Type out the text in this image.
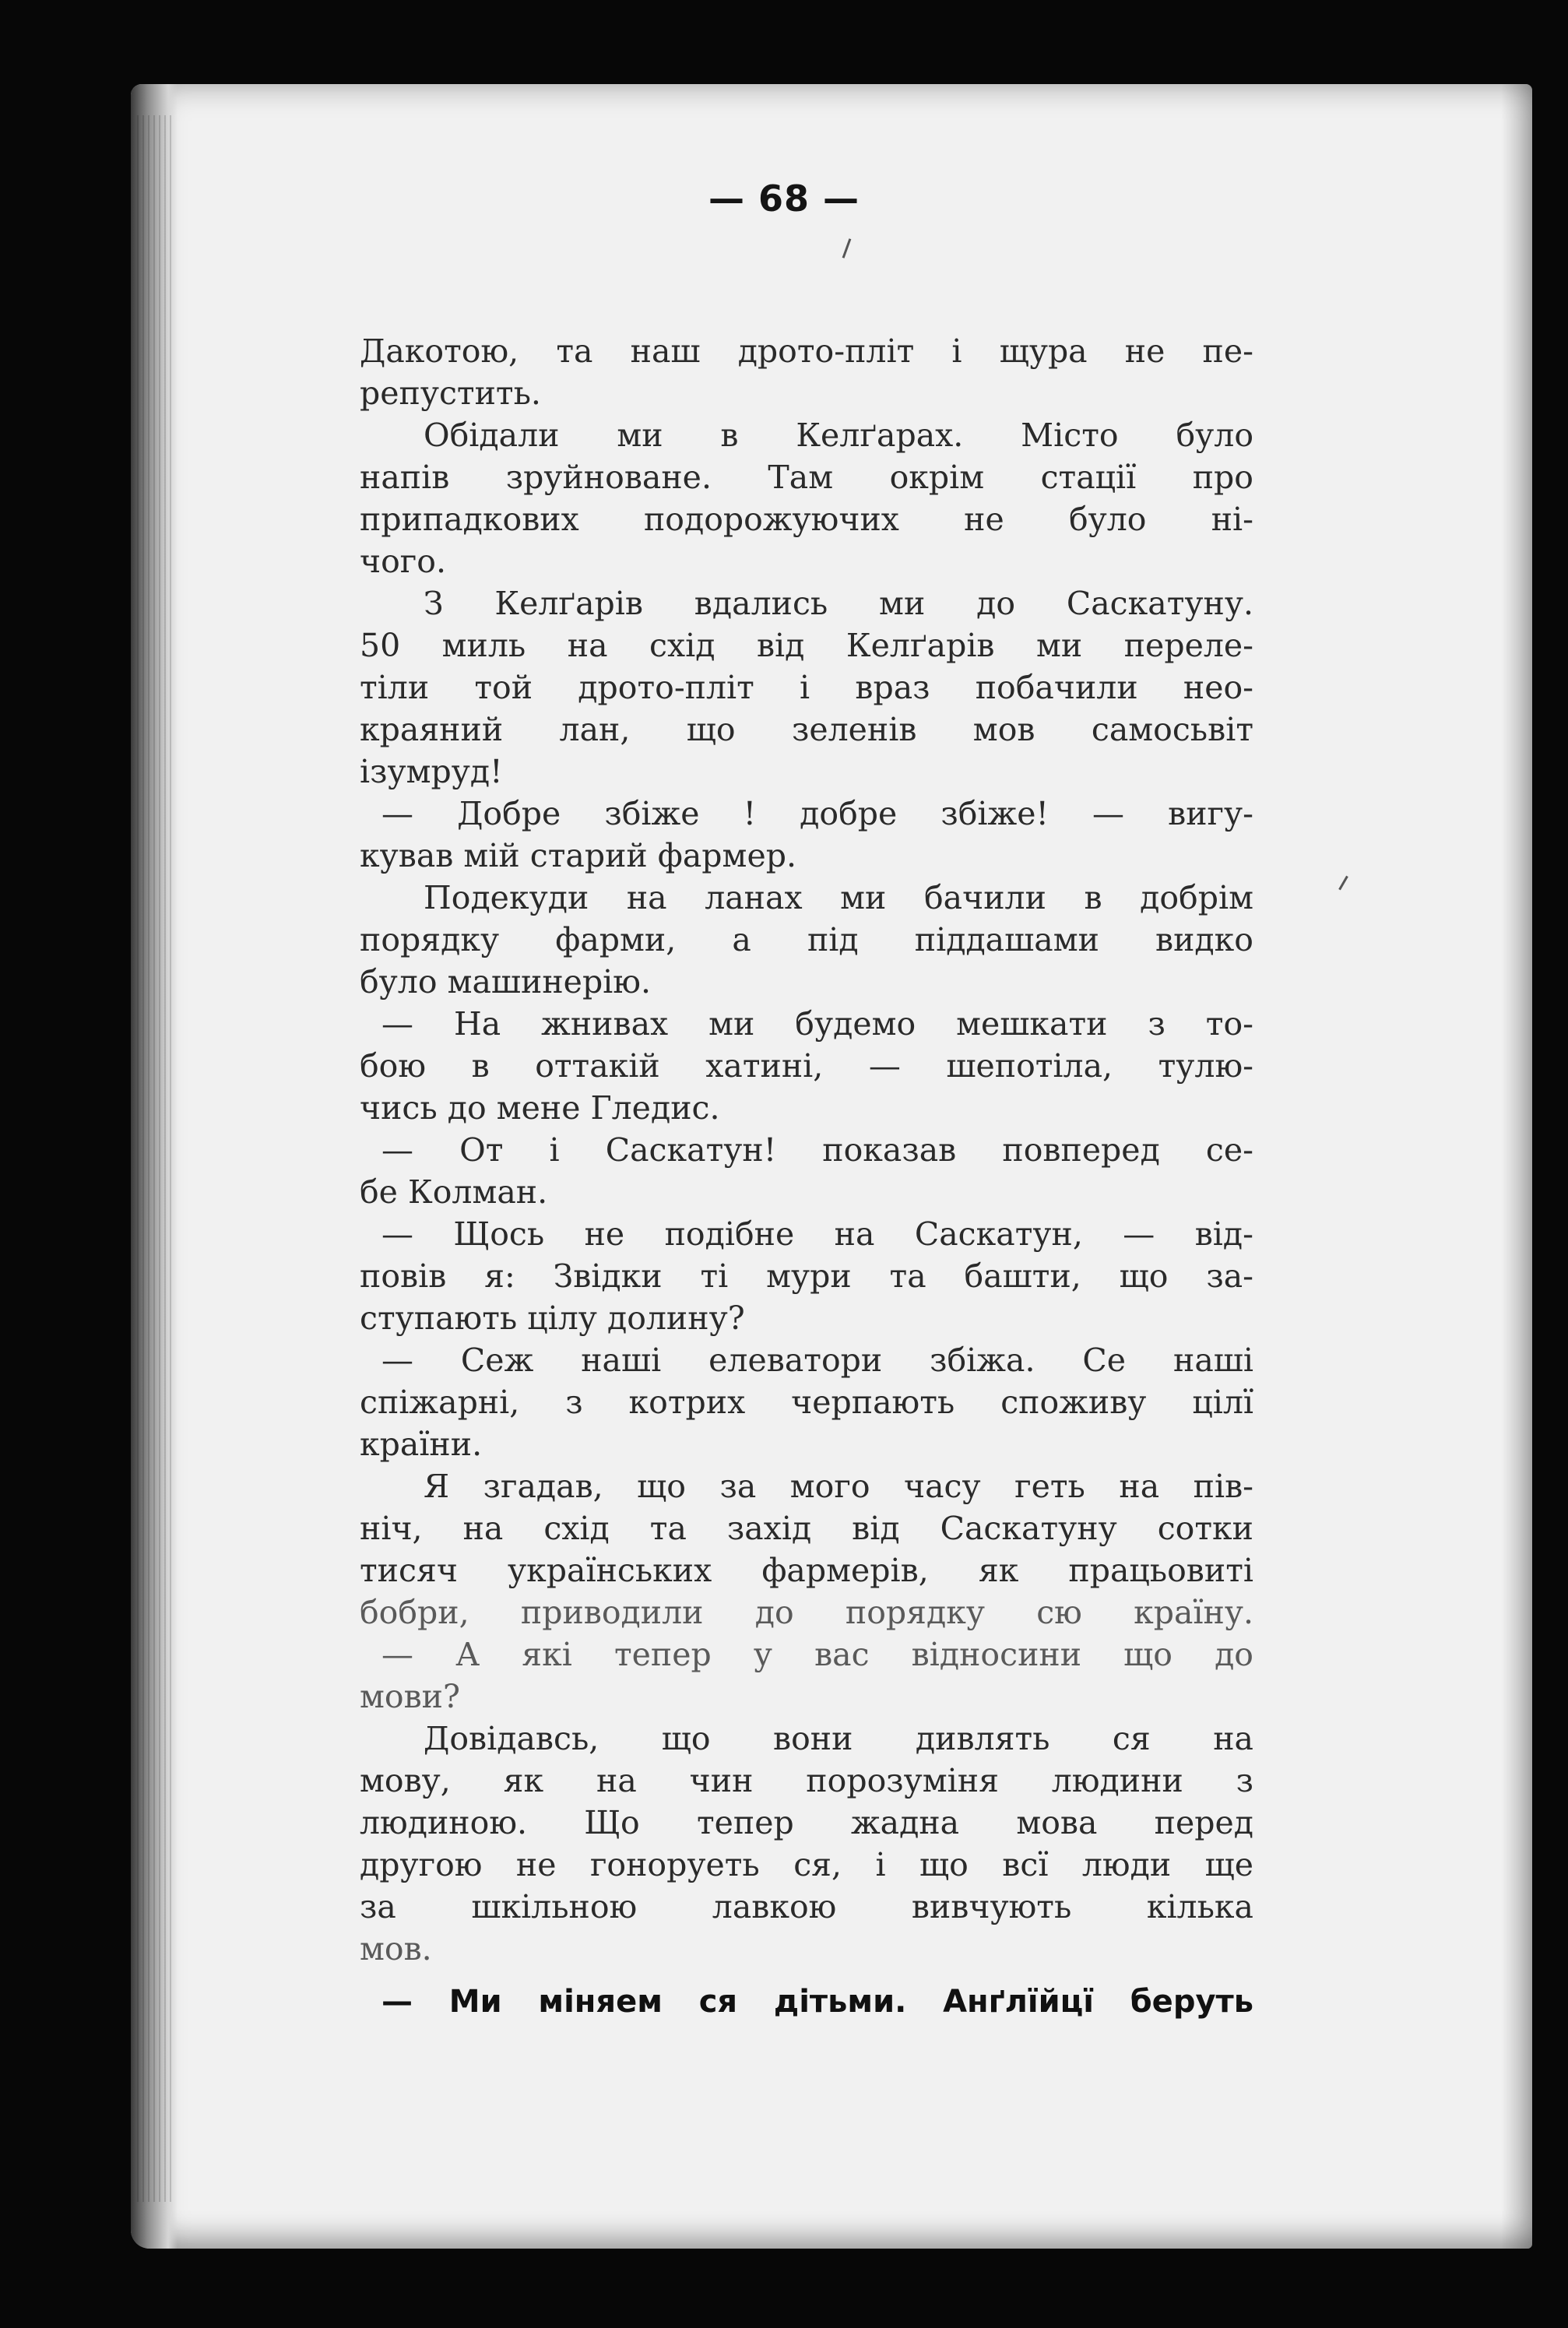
— 68 —
Дакотою, та наш дрото-пліт і щура не пе-
репустить.
Обідали ми в Келґарах. Місто було
напів зруйноване. Там окрім стації про
припадкових подорожуючих не було ні-
чого.
З Келґарів вдались ми до Саскатуну.
50 миль на схід від Келґарів ми переле-
тіли той дрото-пліт і враз побачили нео-
краяний лан, що зеленів мов самосьвіт
ізумруд!
— Добре збіже ! добре збіже! — вигу-
кував мій старий фармер.
Подекуди на ланах ми бачили в добрім
порядку фарми, а під піддашами видко
було машинерію.
— На жнивах ми будемо мешкати з то-
бою в оттакій хатині, — шепотіла, тулю-
чись до мене Гледис.
— От і Саскатун! показав повперед се-
бе Колман.
— Щось не подібне на Саскатун, — від-
повів я: Звідки ті мури та башти, що за-
ступають цілу долину?
— Сеж наші елеватори збіжа. Се наші
спіжарні, з котрих черпають споживу цілї
країни.
Я згадав, що за мого часу геть на пів-
ніч, на схід та захід від Саскатуну сотки
тисяч українських фармерів, як працьовиті
бобри, приводили до порядку сю країну.
— А які тепер у вас відносини що до
мови?
Довідавсь, що вони дивлять ся на
мову, як на чин порозуміня людини з
людиною. Що тепер жадна мова перед
другою не гоноруеть ся, і що всї люди ще
за шкільною лавкою вивчують кілька
мов.
— Ми міняем ся дітьми. Анґлїйцї беруть
